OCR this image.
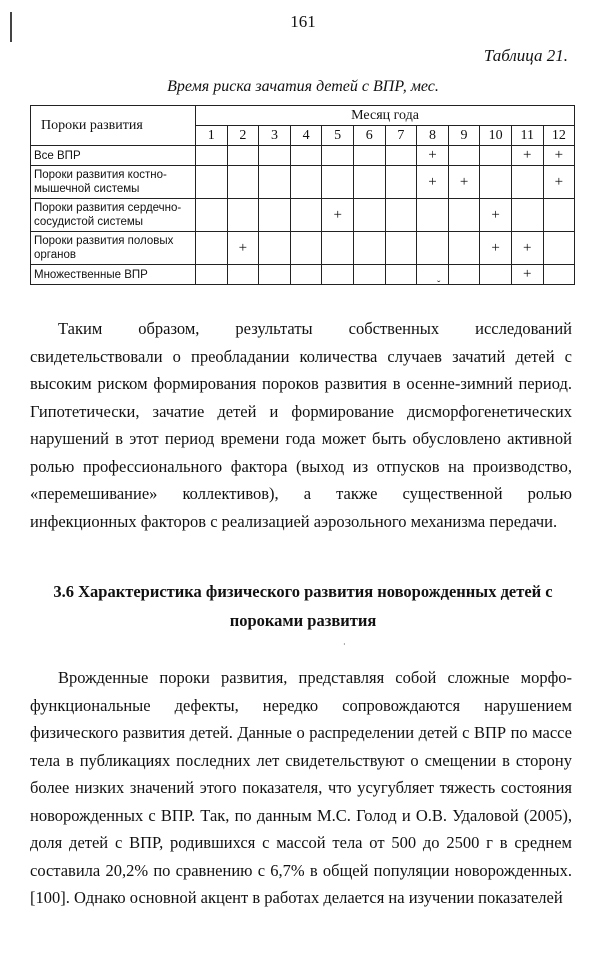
161
Таблица 21.
Время риска зачатия детей с ВПР, мес.
Пороки развития	Месяц года											
	1	2	3	4	5	6	7	8	9	10	11	12
Все ВПР								+			+	+
Пороки развития костно-мышечной системы								+	+			+
Пороки развития сердечно-сосудистой системы					+					+		
Пороки развития половых органов		+								+	+	
Множественные ВПР											+	
ˇ
Таким образом, результаты собственных исследований свидетельствовали о преобладании количества случаев зачатий детей с высоким риском формирования пороков развития в осенне-зимний период. Гипотетически, зачатие детей и формирование дисморфогенетических нарушений в этот период времени года может быть обусловлено активной ролью профессионального фактора (выход из отпусков на производство, «перемешивание» коллективов), а также существенной ролью инфекционных факторов с реализацией аэрозольного механизма передачи.
3.6 Характеристика физического развития новорожденных детей с пороками развития
·
Врожденные пороки развития, представляя собой сложные морфо-функциональные дефекты, нередко сопровождаются нарушением физического развития детей. Данные о распределении детей с ВПР по массе тела в публикациях последних лет свидетельствуют о смещении в сторону более низких значений этого показателя, что усугубляет тяжесть состояния новорожденных с ВПР. Так, по данным М.С. Голод и О.В. Удаловой (2005), доля детей с ВПР, родившихся с массой тела от 500 до 2500 г в среднем составила 20,2% по сравнению с 6,7% в общей популяции новорожденных. [100]. Однако основной акцент в работах делается на изучении показателей
